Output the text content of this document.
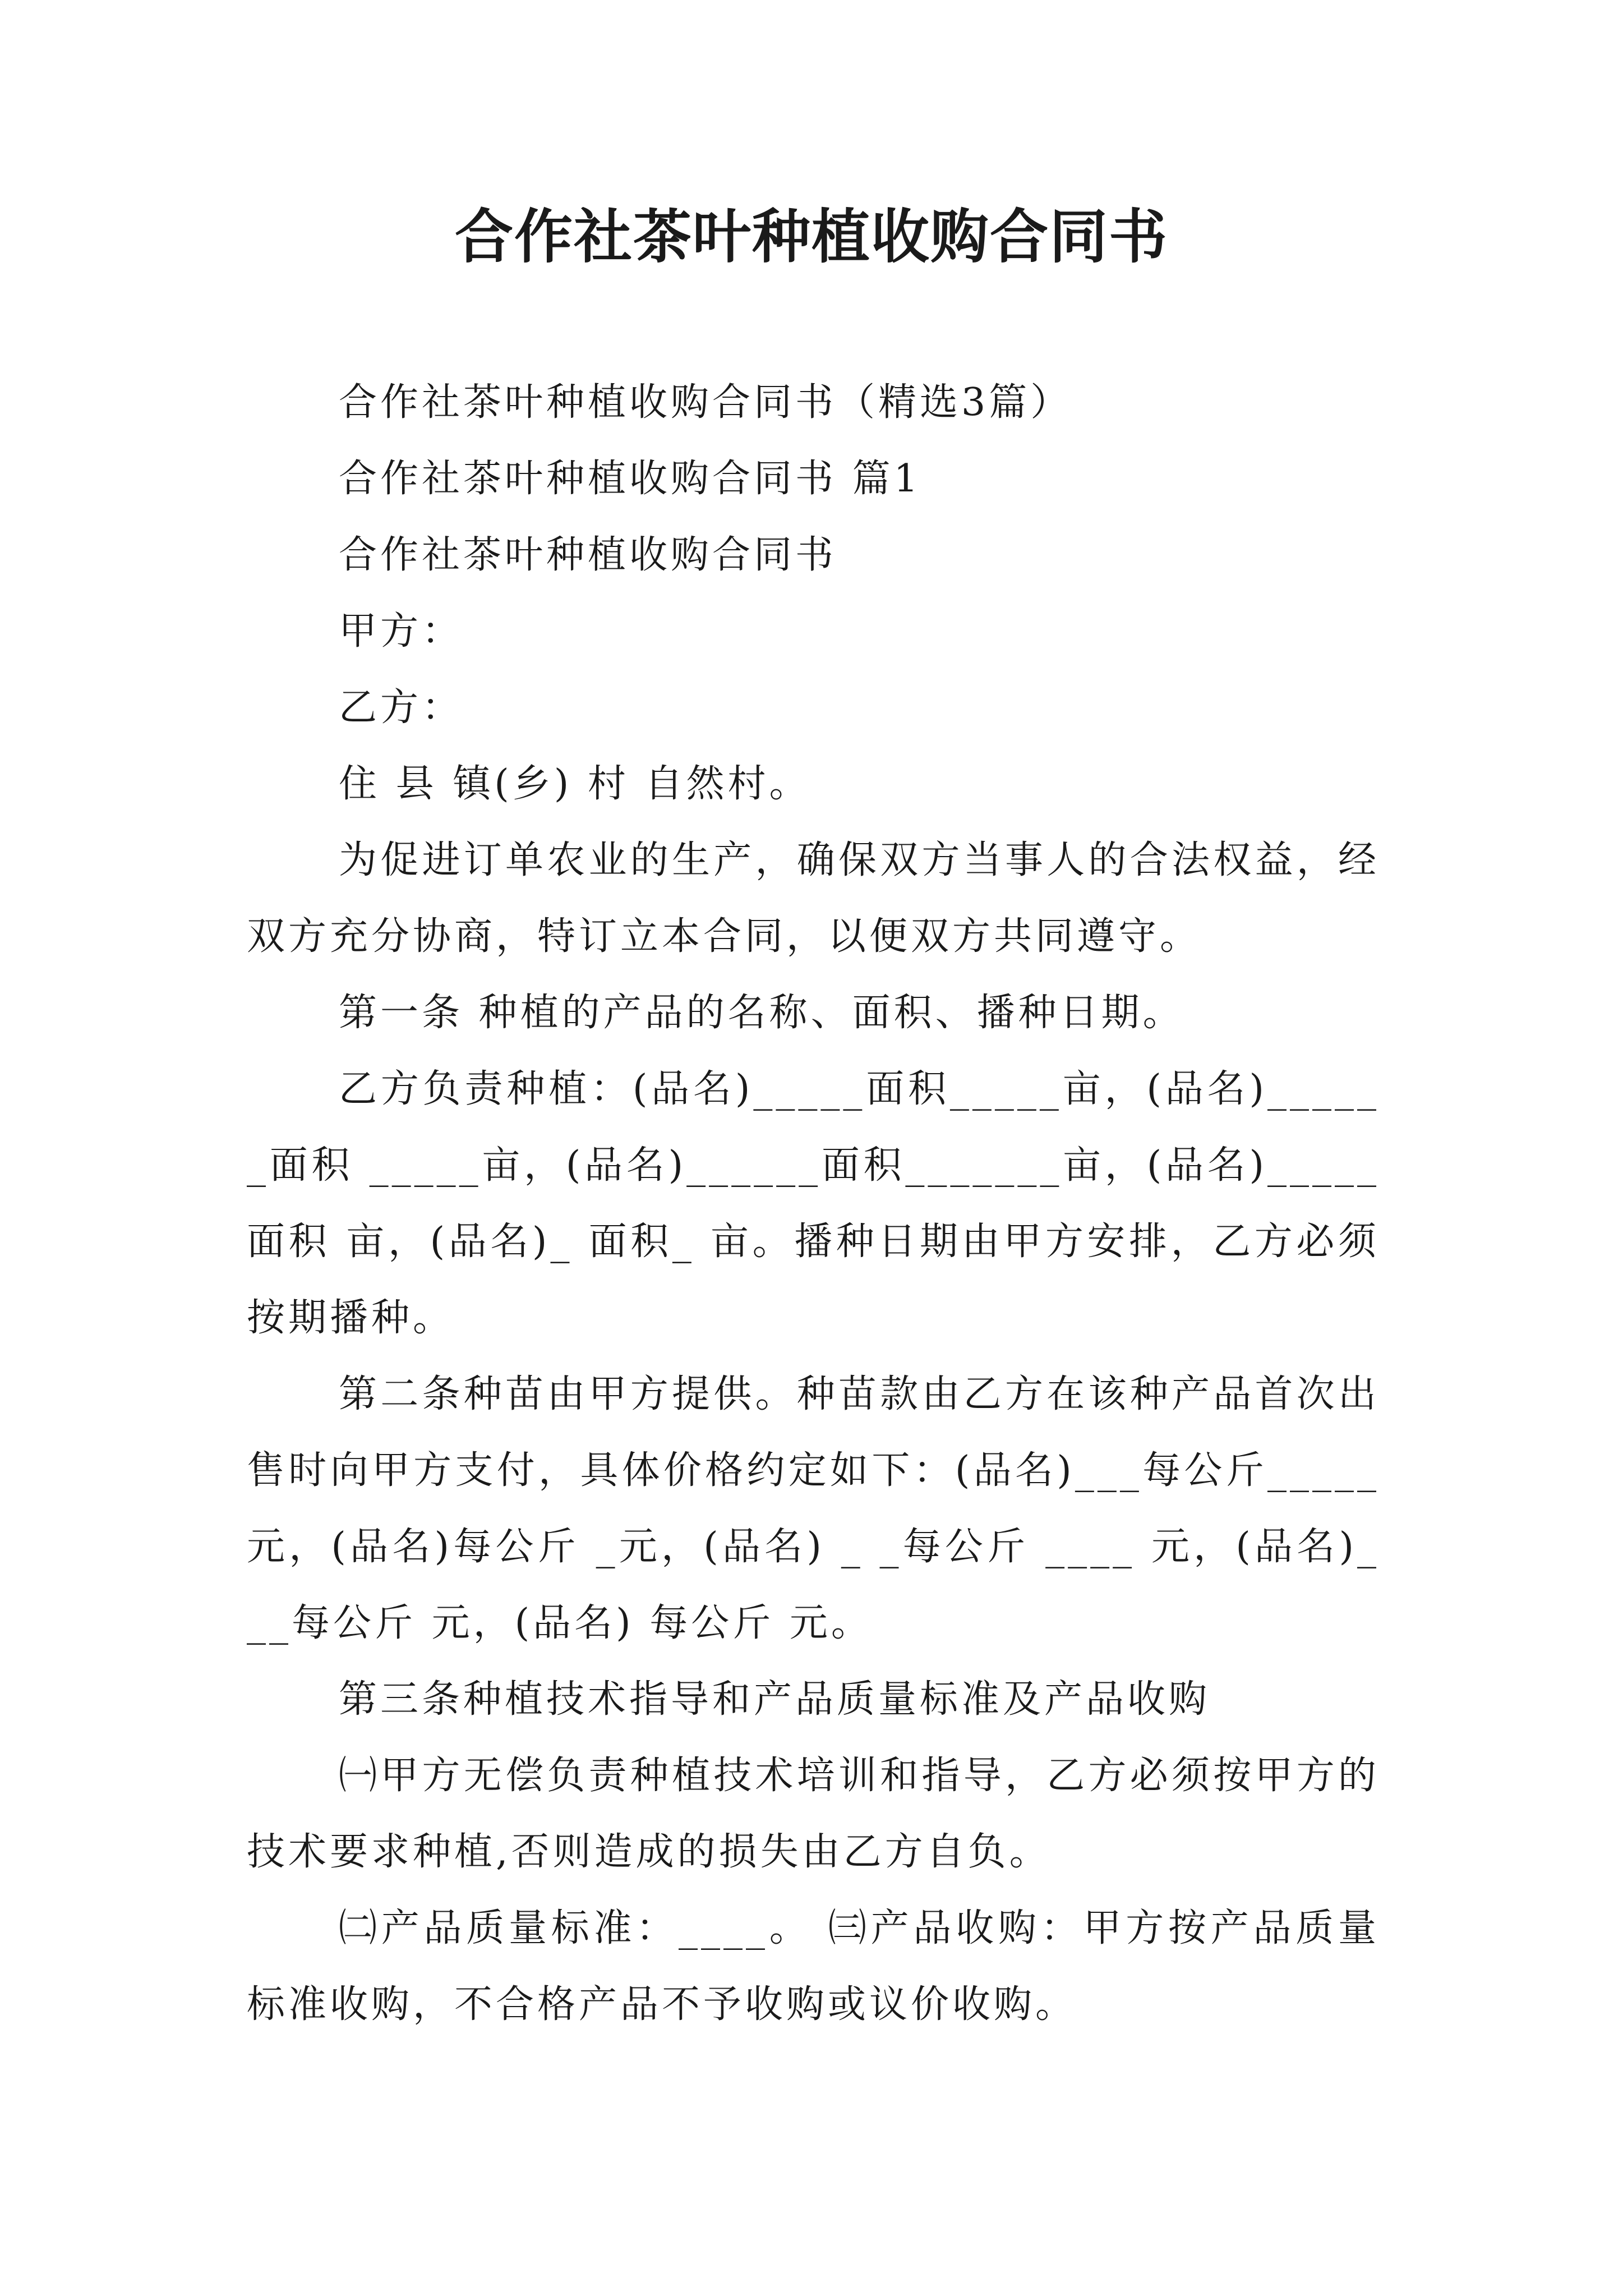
合作社茶叶种植收购合同书

合作社茶叶种植收购合同书（精选3篇）

合作社茶叶种植收购合同书 篇1

合作社茶叶种植收购合同书

甲方：

乙方：

住 县 镇(乡) 村 自然村。

为促进订单农业的生产，确保双方当事人的合法权益，经双方充分协商，特订立本合同，以便双方共同遵守。

第一条 种植的产品的名称、面积、播种日期。

乙方负责种植：(品名)_____面积_____亩，(品名)______面积 _____亩，(品名)______面积_______亩，(品名)_____面积 亩，(品名)_ 面积_ 亩。播种日期由甲方安排，乙方必须按期播种。

第二条种苗由甲方提供。种苗款由乙方在该种产品首次出售时向甲方支付，具体价格约定如下：(品名)___每公斤_____元，(品名)每公斤 _元，(品名) _ _每公斤 ____ 元，(品名)___每公斤 元，(品名) 每公斤 元。

第三条种植技术指导和产品质量标准及产品收购

㈠甲方无偿负责种植技术培训和指导，乙方必须按甲方的技术要求种植,否则造成的损失由乙方自负。

㈡产品质量标准：____。 ㈢产品收购：甲方按产品质量标准收购，不合格产品不予收购或议价收购。
